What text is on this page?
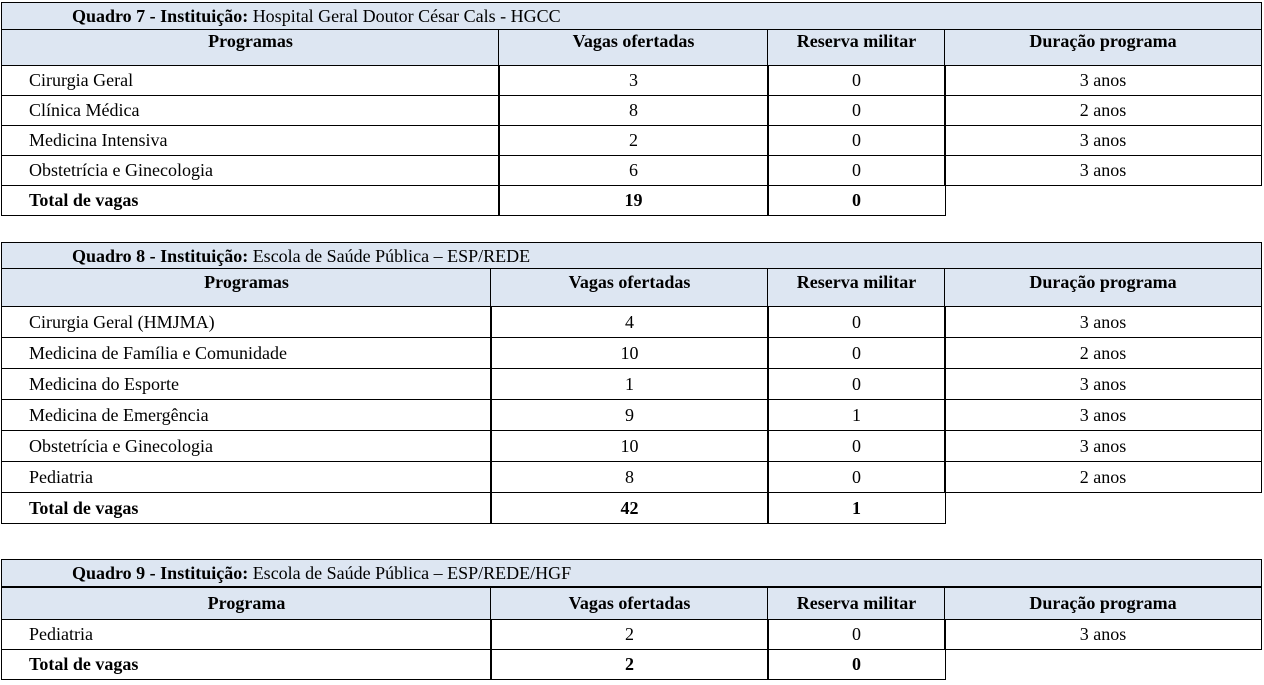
Quadro 7 - Instituição: Hospital Geral Doutor César Cals - HGCC
Programas	Vagas ofertadas	Reserva militar	Duração programa
Cirurgia Geral	3	0	3 anos
Clínica Médica	8	0	2 anos
Medicina Intensiva	2	0	3 anos
Obstetrícia e Ginecologia	6	0	3 anos
Total de vagas	19	0
Quadro 8 - Instituição: Escola de Saúde Pública – ESP/REDE
Programas	Vagas ofertadas	Reserva militar	Duração programa
Cirurgia Geral (HMJMA)	4	0	3 anos
Medicina de Família e Comunidade	10	0	2 anos
Medicina do Esporte	1	0	3 anos
Medicina de Emergência	9	1	3 anos
Obstetrícia e Ginecologia	10	0	3 anos
Pediatria	8	0	2 anos
Total de vagas	42	1
Quadro 9 - Instituição: Escola de Saúde Pública – ESP/REDE/HGF
Programa	Vagas ofertadas	Reserva militar	Duração programa
Pediatria	2	0	3 anos
Total de vagas	2	0
